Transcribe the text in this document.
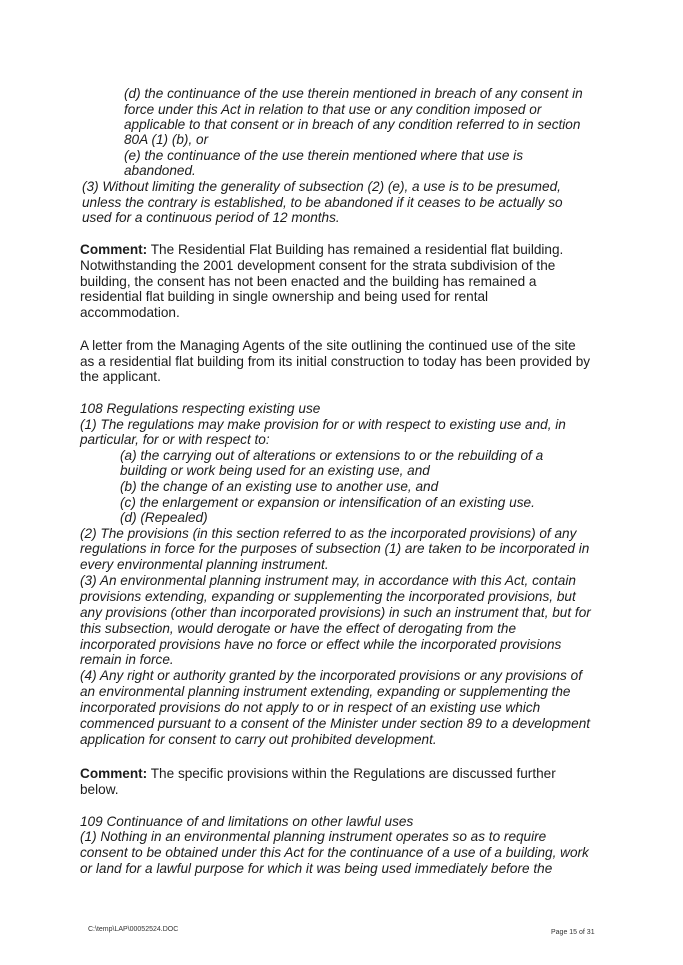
(d) the continuance of the use therein mentioned in breach of any consent in
force under this Act in relation to that use or any condition imposed or
applicable to that consent or in breach of any condition referred to in section
80A (1) (b), or
(e) the continuance of the use therein mentioned where that use is
abandoned.
(3) Without limiting the generality of subsection (2) (e), a use is to be presumed,
unless the contrary is established, to be abandoned if it ceases to be actually so
used for a continuous period of 12 months.
Comment: The Residential Flat Building has remained a residential flat building.
Notwithstanding the 2001 development consent for the strata subdivision of the
building, the consent has not been enacted and the building has remained a
residential flat building in single ownership and being used for rental
accommodation.
A letter from the Managing Agents of the site outlining the continued use of the site
as a residential flat building from its initial construction to today has been provided by
the applicant.
108 Regulations respecting existing use
(1) The regulations may make provision for or with respect to existing use and, in
particular, for or with respect to:
(a) the carrying out of alterations or extensions to or the rebuilding of a
building or work being used for an existing use, and
(b) the change of an existing use to another use, and
(c) the enlargement or expansion or intensification of an existing use.
(d) (Repealed)
(2) The provisions (in this section referred to as the incorporated provisions) of any
regulations in force for the purposes of subsection (1) are taken to be incorporated in
every environmental planning instrument.
(3) An environmental planning instrument may, in accordance with this Act, contain
provisions extending, expanding or supplementing the incorporated provisions, but
any provisions (other than incorporated provisions) in such an instrument that, but for
this subsection, would derogate or have the effect of derogating from the
incorporated provisions have no force or effect while the incorporated provisions
remain in force.
(4) Any right or authority granted by the incorporated provisions or any provisions of
an environmental planning instrument extending, expanding or supplementing the
incorporated provisions do not apply to or in respect of an existing use which
commenced pursuant to a consent of the Minister under section 89 to a development
application for consent to carry out prohibited development.
Comment: The specific provisions within the Regulations are discussed further
below.
109 Continuance of and limitations on other lawful uses
(1) Nothing in an environmental planning instrument operates so as to require
consent to be obtained under this Act for the continuance of a use of a building, work
or land for a lawful purpose for which it was being used immediately before the
C:\temp\LAP\00052524.DOC	Page 15 of 31
